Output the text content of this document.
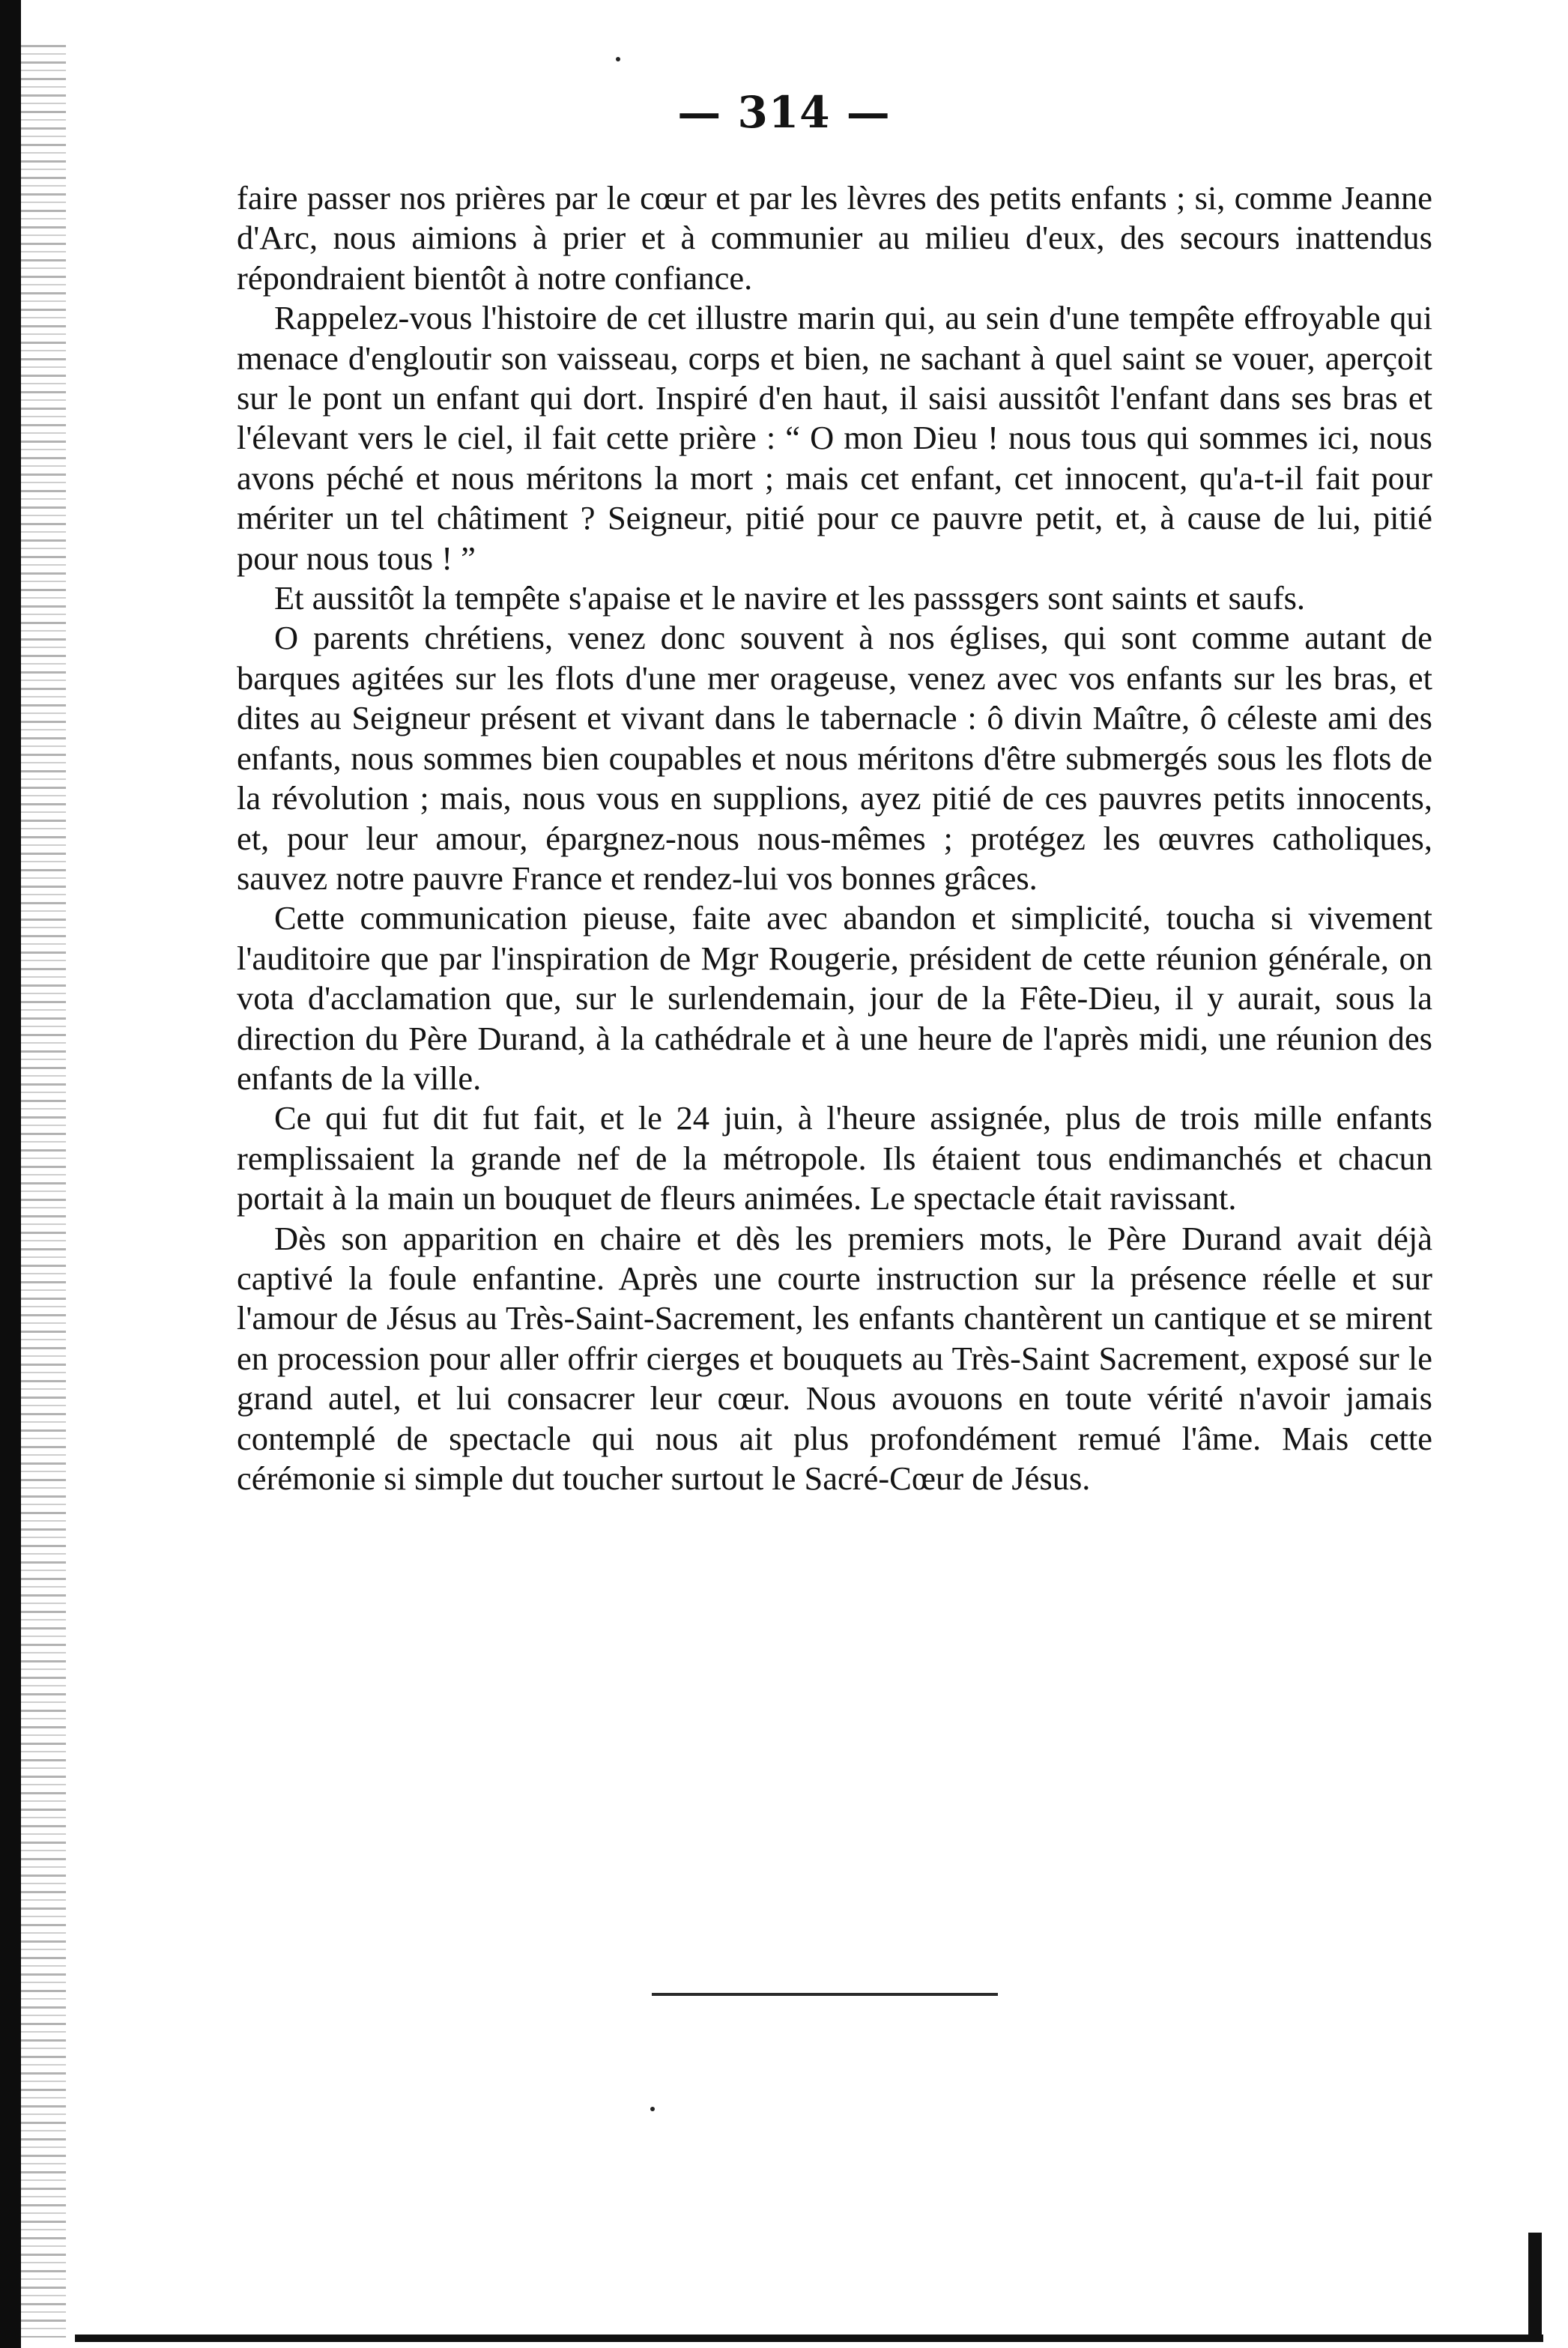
— 314 —

faire passer nos prières par le cœur et par les lèvres des petits enfants ; si, comme Jeanne d'Arc, nous aimions à prier et à communier au milieu d'eux, des secours inattendus répondraient bientôt à notre confiance.

Rappelez-vous l'histoire de cet illustre marin qui, au sein d'une tempête effroyable qui menace d'engloutir son vaisseau, corps et bien, ne sachant à quel saint se vouer, aperçoit sur le pont un enfant qui dort. Inspiré d'en haut, il saisi aussitôt l'enfant dans ses bras et l'élevant vers le ciel, il fait cette prière : “ O mon Dieu ! nous tous qui sommes ici, nous avons péché et nous méritons la mort ; mais cet enfant, cet innocent, qu'a-t-il fait pour mériter un tel châtiment ? Seigneur, pitié pour ce pauvre petit, et, à cause de lui, pitié pour nous tous ! ”

Et aussitôt la tempête s'apaise et le navire et les passsgers sont saints et saufs.

O parents chrétiens, venez donc souvent à nos églises, qui sont comme autant de barques agitées sur les flots d'une mer orageuse, venez avec vos enfants sur les bras, et dites au Seigneur présent et vivant dans le tabernacle : ô divin Maître, ô céleste ami des enfants, nous sommes bien coupables et nous méritons d'être submergés sous les flots de la révolution ; mais, nous vous en supplions, ayez pitié de ces pauvres petits innocents, et, pour leur amour, épargnez-nous nous-mêmes ; protégez les œuvres catholiques, sauvez notre pauvre France et rendez-lui vos bonnes grâces.

Cette communication pieuse, faite avec abandon et simplicité, toucha si vivement l'auditoire que par l'inspiration de Mgr Rougerie, président de cette réunion générale, on vota d'acclamation que, sur le surlendemain, jour de la Fête-Dieu, il y aurait, sous la direction du Père Durand, à la cathédrale et à une heure de l'après midi, une réunion des enfants de la ville.

Ce qui fut dit fut fait, et le 24 juin, à l'heure assignée, plus de trois mille enfants remplissaient la grande nef de la métropole. Ils étaient tous endimanchés et chacun portait à la main un bouquet de fleurs animées. Le spectacle était ravissant.

Dès son apparition en chaire et dès les premiers mots, le Père Durand avait déjà captivé la foule enfantine. Après une courte instruction sur la présence réelle et sur l'amour de Jésus au Très-Saint-Sacrement, les enfants chantèrent un cantique et se mirent en procession pour aller offrir cierges et bouquets au Très-Saint Sacrement, exposé sur le grand autel, et lui consacrer leur cœur. Nous avouons en toute vérité n'avoir jamais contemplé de spectacle qui nous ait plus profondément remué l'âme. Mais cette cérémonie si simple dut toucher surtout le Sacré-Cœur de Jésus.
